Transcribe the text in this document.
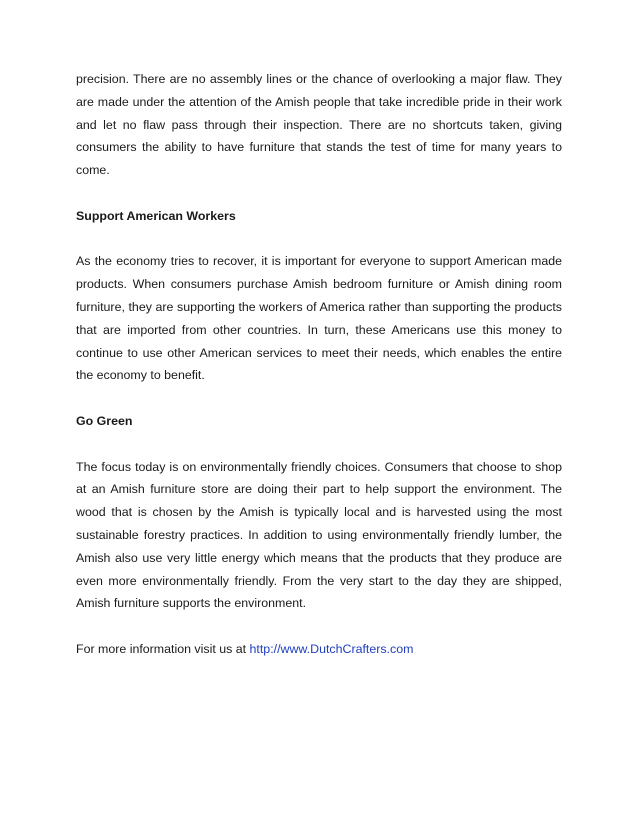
precision. There are no assembly lines or the chance of overlooking a major flaw. They are made under the attention of the Amish people that take incredible pride in their work and let no flaw pass through their inspection. There are no shortcuts taken, giving consumers the ability to have furniture that stands the test of time for many years to come.

Support American Workers

As the economy tries to recover, it is important for everyone to support American made products. When consumers purchase Amish bedroom furniture or Amish dining room furniture, they are supporting the workers of America rather than supporting the products that are imported from other countries. In turn, these Americans use this money to continue to use other American services to meet their needs, which enables the entire the economy to benefit.

Go Green

The focus today is on environmentally friendly choices. Consumers that choose to shop at an Amish furniture store are doing their part to help support the environment. The wood that is chosen by the Amish is typically local and is harvested using the most sustainable forestry practices. In addition to using environmentally friendly lumber, the Amish also use very little energy which means that the products that they produce are even more environmentally friendly. From the very start to the day they are shipped, Amish furniture supports the environment.

For more information visit us at http://www.DutchCrafters.com
